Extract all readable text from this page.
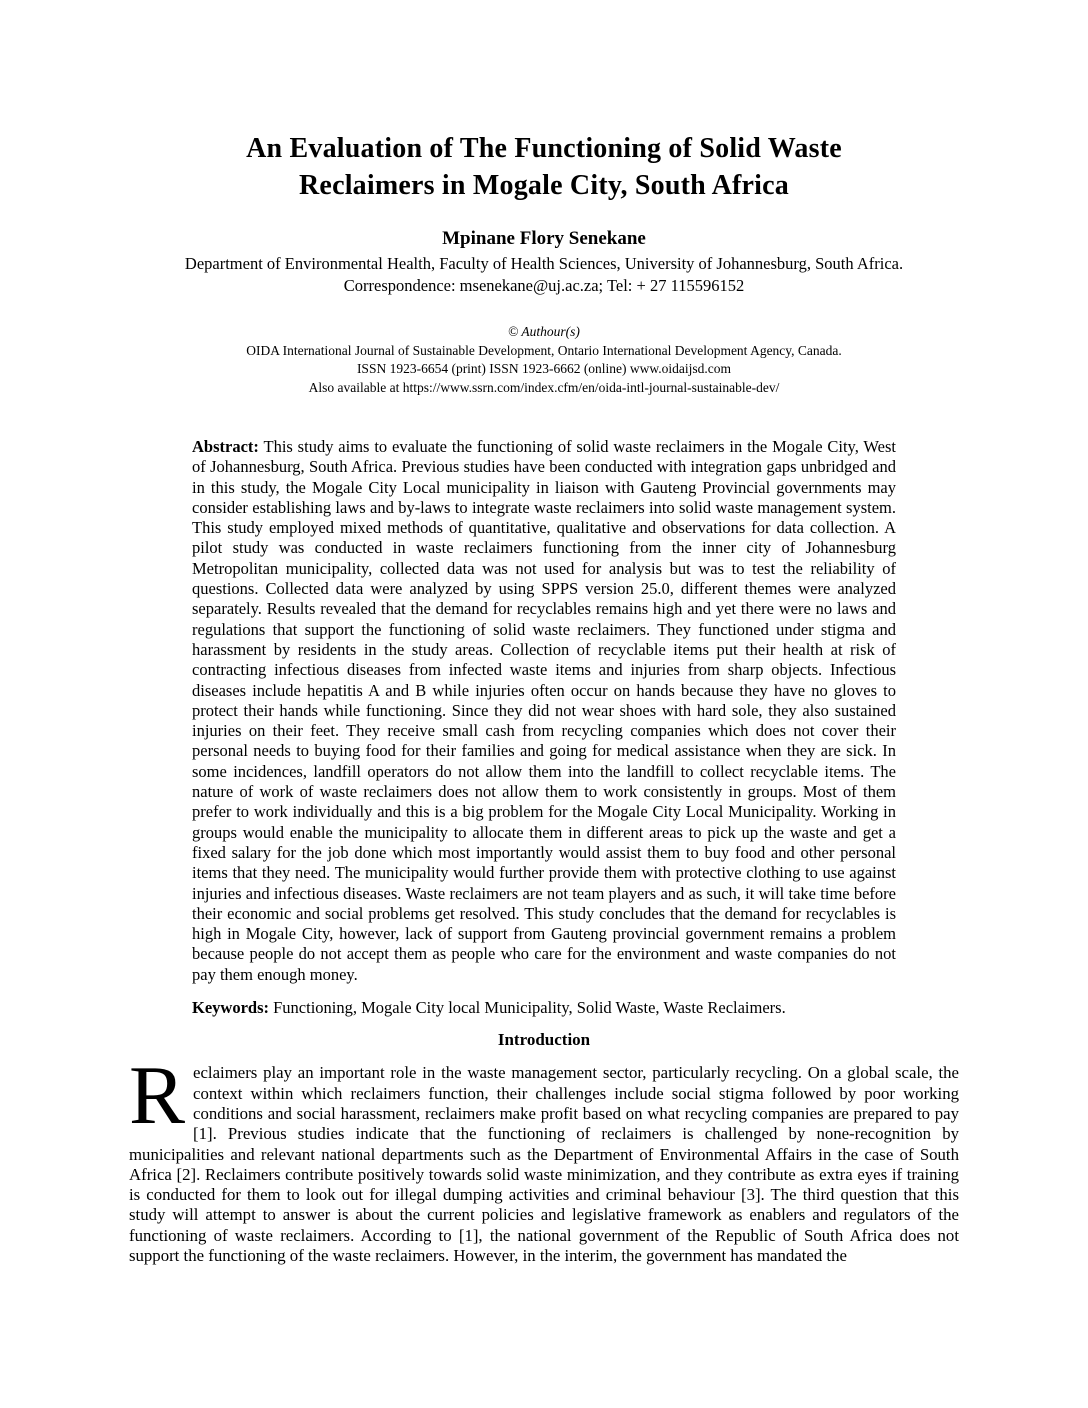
An Evaluation of The Functioning of Solid Waste
Reclaimers in Mogale City, South Africa
Mpinane Flory Senekane
Department of Environmental Health, Faculty of Health Sciences, University of Johannesburg, South Africa.
Correspondence: msenekane@uj.ac.za; Tel: + 27 115596152
© Authour(s)
OIDA International Journal of Sustainable Development, Ontario International Development Agency, Canada.
ISSN 1923-6654 (print) ISSN 1923-6662 (online) www.oidaijsd.com
Also available at https://www.ssrn.com/index.cfm/en/oida-intl-journal-sustainable-dev/

Abstract: This study aims to evaluate the functioning of solid waste reclaimers in the Mogale City, West of Johannesburg, South Africa. Previous studies have been conducted with integration gaps unbridged and in this study, the Mogale City Local municipality in liaison with Gauteng Provincial governments may consider establishing laws and by-laws to integrate waste reclaimers into solid waste management system. This study employed mixed methods of quantitative, qualitative and observations for data collection. A pilot study was conducted in waste reclaimers functioning from the inner city of Johannesburg Metropolitan municipality, collected data was not used for analysis but was to test the reliability of questions. Collected data were analyzed by using SPPS version 25.0, different themes were analyzed separately. Results revealed that the demand for recyclables remains high and yet there were no laws and regulations that support the functioning of solid waste reclaimers. They functioned under stigma and harassment by residents in the study areas. Collection of recyclable items put their health at risk of contracting infectious diseases from infected waste items and injuries from sharp objects. Infectious diseases include hepatitis A and B while injuries often occur on hands because they have no gloves to protect their hands while functioning. Since they did not wear shoes with hard sole, they also sustained injuries on their feet. They receive small cash from recycling companies which does not cover their personal needs to buying food for their families and going for medical assistance when they are sick. In some incidences, landfill operators do not allow them into the landfill to collect recyclable items. The nature of work of waste reclaimers does not allow them to work consistently in groups. Most of them prefer to work individually and this is a big problem for the Mogale City Local Municipality. Working in groups would enable the municipality to allocate them in different areas to pick up the waste and get a fixed salary for the job done which most importantly would assist them to buy food and other personal items that they need. The municipality would further provide them with protective clothing to use against injuries and infectious diseases. Waste reclaimers are not team players and as such, it will take time before their economic and social problems get resolved. This study concludes that the demand for recyclables is high in Mogale City, however, lack of support from Gauteng provincial government remains a problem because people do not accept them as people who care for the environment and waste companies do not pay them enough money.

Keywords: Functioning, Mogale City local Municipality, Solid Waste, Waste Reclaimers.

Introduction

Reclaimers play an important role in the waste management sector, particularly recycling. On a global scale, the context within which reclaimers function, their challenges include social stigma followed by poor working conditions and social harassment, reclaimers make profit based on what recycling companies are prepared to pay [1]. Previous studies indicate that the functioning of reclaimers is challenged by none-recognition by municipalities and relevant national departments such as the Department of Environmental Affairs in the case of South Africa [2]. Reclaimers contribute positively towards solid waste minimization, and they contribute as extra eyes if training is conducted for them to look out for illegal dumping activities and criminal behaviour [3]. The third question that this study will attempt to answer is about the current policies and legislative framework as enablers and regulators of the functioning of waste reclaimers. According to [1], the national government of the Republic of South Africa does not support the functioning of the waste reclaimers. However, in the interim, the government has mandated the
